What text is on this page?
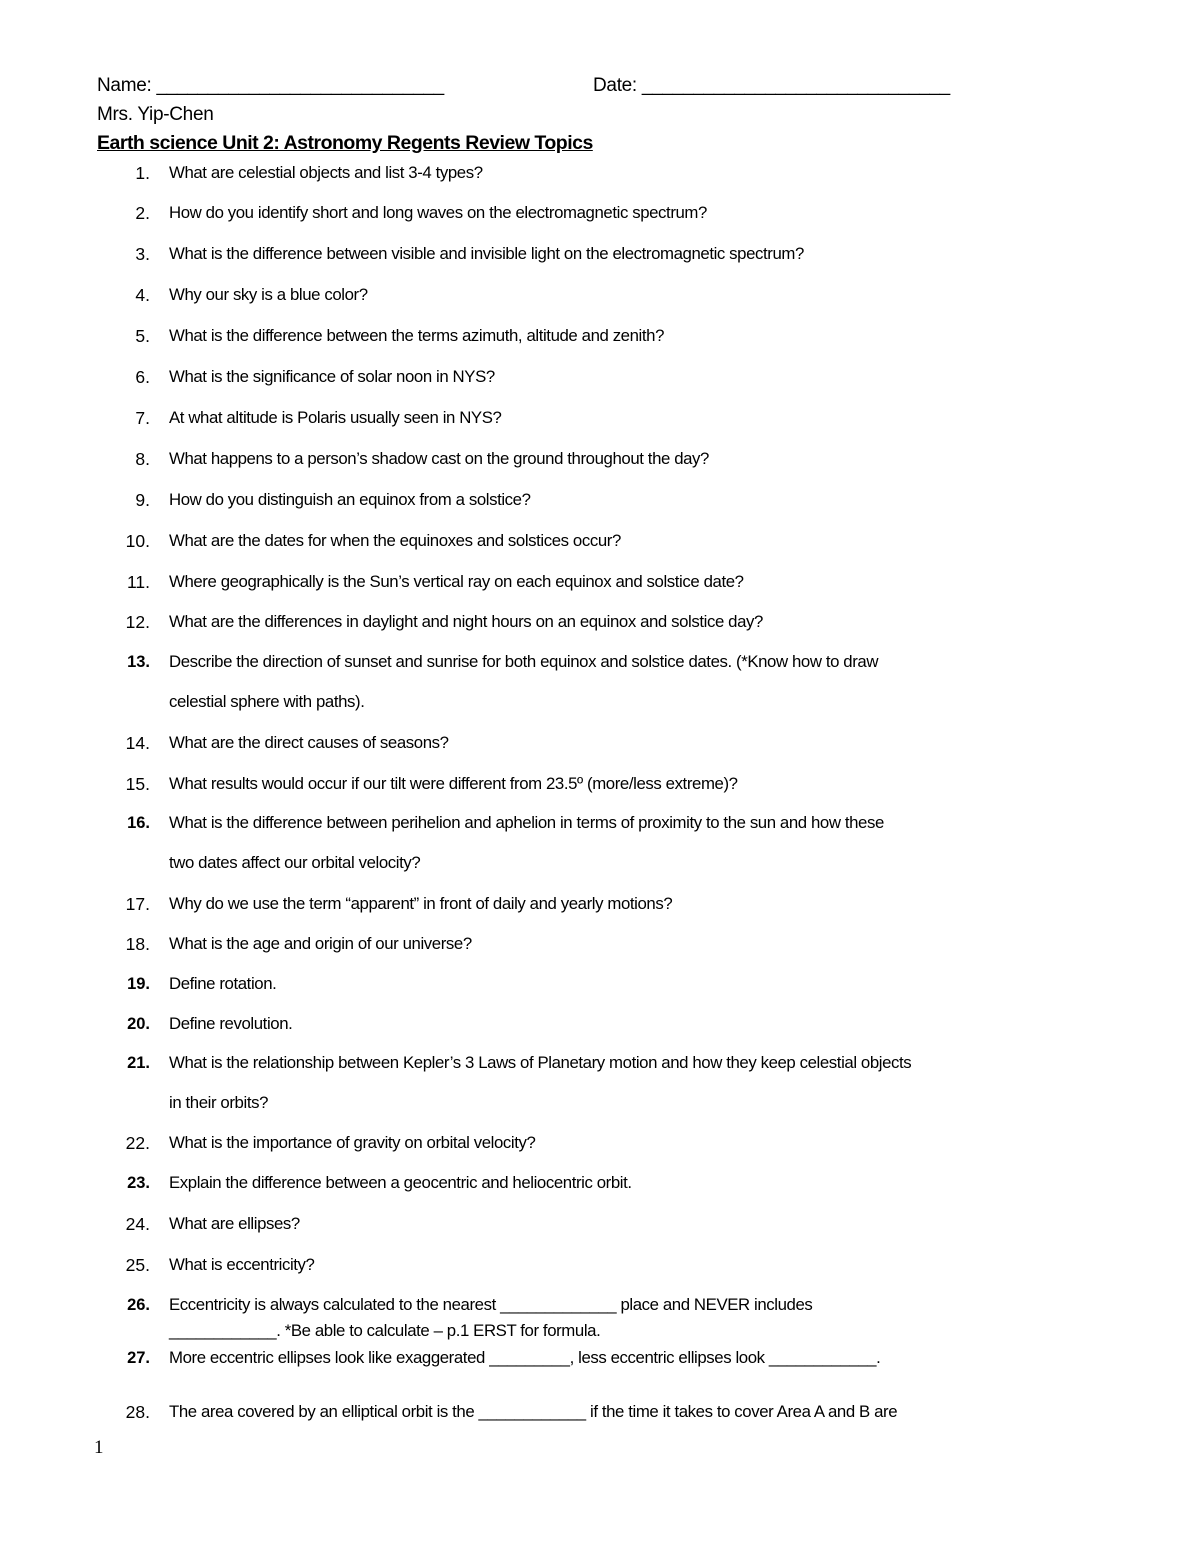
Name: ____________________________	Date: ______________________________
Mrs. Yip-Chen
Earth science Unit 2: Astronomy Regents Review Topics
1. What are celestial objects and list 3-4 types?
2. How do you identify short and long waves on the electromagnetic spectrum?
3. What is the difference between visible and invisible light on the electromagnetic spectrum?
4. Why our sky is a blue color?
5. What is the difference between the terms azimuth, altitude and zenith?
6. What is the significance of solar noon in NYS?
7. At what altitude is Polaris usually seen in NYS?
8. What happens to a person’s shadow cast on the ground throughout the day?
9. How do you distinguish an equinox from a solstice?
10. What are the dates for when the equinoxes and solstices occur?
11. Where geographically is the Sun’s vertical ray on each equinox and solstice date?
12. What are the differences in daylight and night hours on an equinox and solstice day?
13. Describe the direction of sunset and sunrise for both equinox and solstice dates. (*Know how to draw
celestial sphere with paths).
14. What are the direct causes of seasons?
15. What results would occur if our tilt were different from 23.5º (more/less extreme)?
16. What is the difference between perihelion and aphelion in terms of proximity to the sun and how these
two dates affect our orbital velocity?
17. Why do we use the term “apparent” in front of daily and yearly motions?
18. What is the age and origin of our universe?
19. Define rotation.
20. Define revolution.
21. What is the relationship between Kepler’s 3 Laws of Planetary motion and how they keep celestial objects
in their orbits?
22. What is the importance of gravity on orbital velocity?
23. Explain the difference between a geocentric and heliocentric orbit.
24. What are ellipses?
25. What is eccentricity?
26. Eccentricity is always calculated to the nearest _____________ place and NEVER includes
____________. *Be able to calculate – p.1 ERST for formula.
27. More eccentric ellipses look like exaggerated _________, less eccentric ellipses look ____________.
28. The area covered by an elliptical orbit is the ____________ if the time it takes to cover Area A and B are
1
